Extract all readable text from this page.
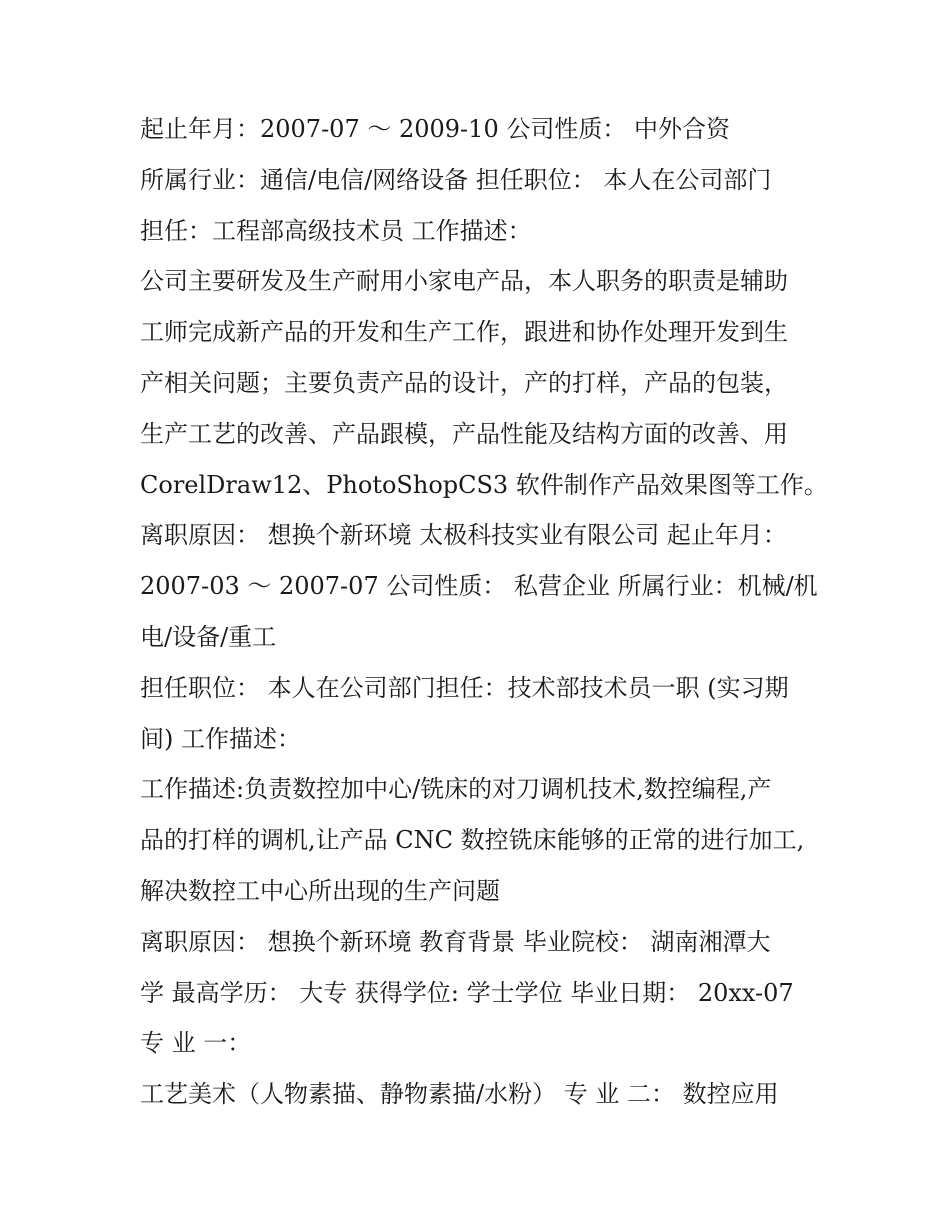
起止年月：2007-07 ～ 2009-10 公司性质： 中外合资
所属行业：通信/电信/网络设备 担任职位： 本人在公司部门
担任：工程部高级技术员 工作描述：
公司主要研发及生产耐用小家电产品，本人职务的职责是辅助
工师完成新产品的开发和生产工作，跟进和协作处理开发到生
产相关问题；主要负责产品的设计，产的打样，产品的包装，
生产工艺的改善、产品跟模，产品性能及结构方面的改善、用
CorelDraw12、PhotoShopCS3 软件制作产品效果图等工作。
离职原因： 想换个新环境 太极科技实业有限公司 起止年月：
2007-03 ～ 2007-07 公司性质： 私营企业 所属行业：机械/机
电/设备/重工
担任职位： 本人在公司部门担任：技术部技术员一职 (实习期
间) 工作描述：
工作描述:负责数控加中心/铣床的对刀调机技术,数控编程,产
品的打样的调机,让产品 CNC 数控铣床能够的正常的进行加工,
解决数控工中心所出现的生产问题
离职原因： 想换个新环境 教育背景 毕业院校： 湖南湘潭大
学 最高学历： 大专 获得学位: 学士学位 毕业日期： 20xx-07
专 业 一：
工艺美术（人物素描、静物素描/水粉） 专 业 二： 数控应用
